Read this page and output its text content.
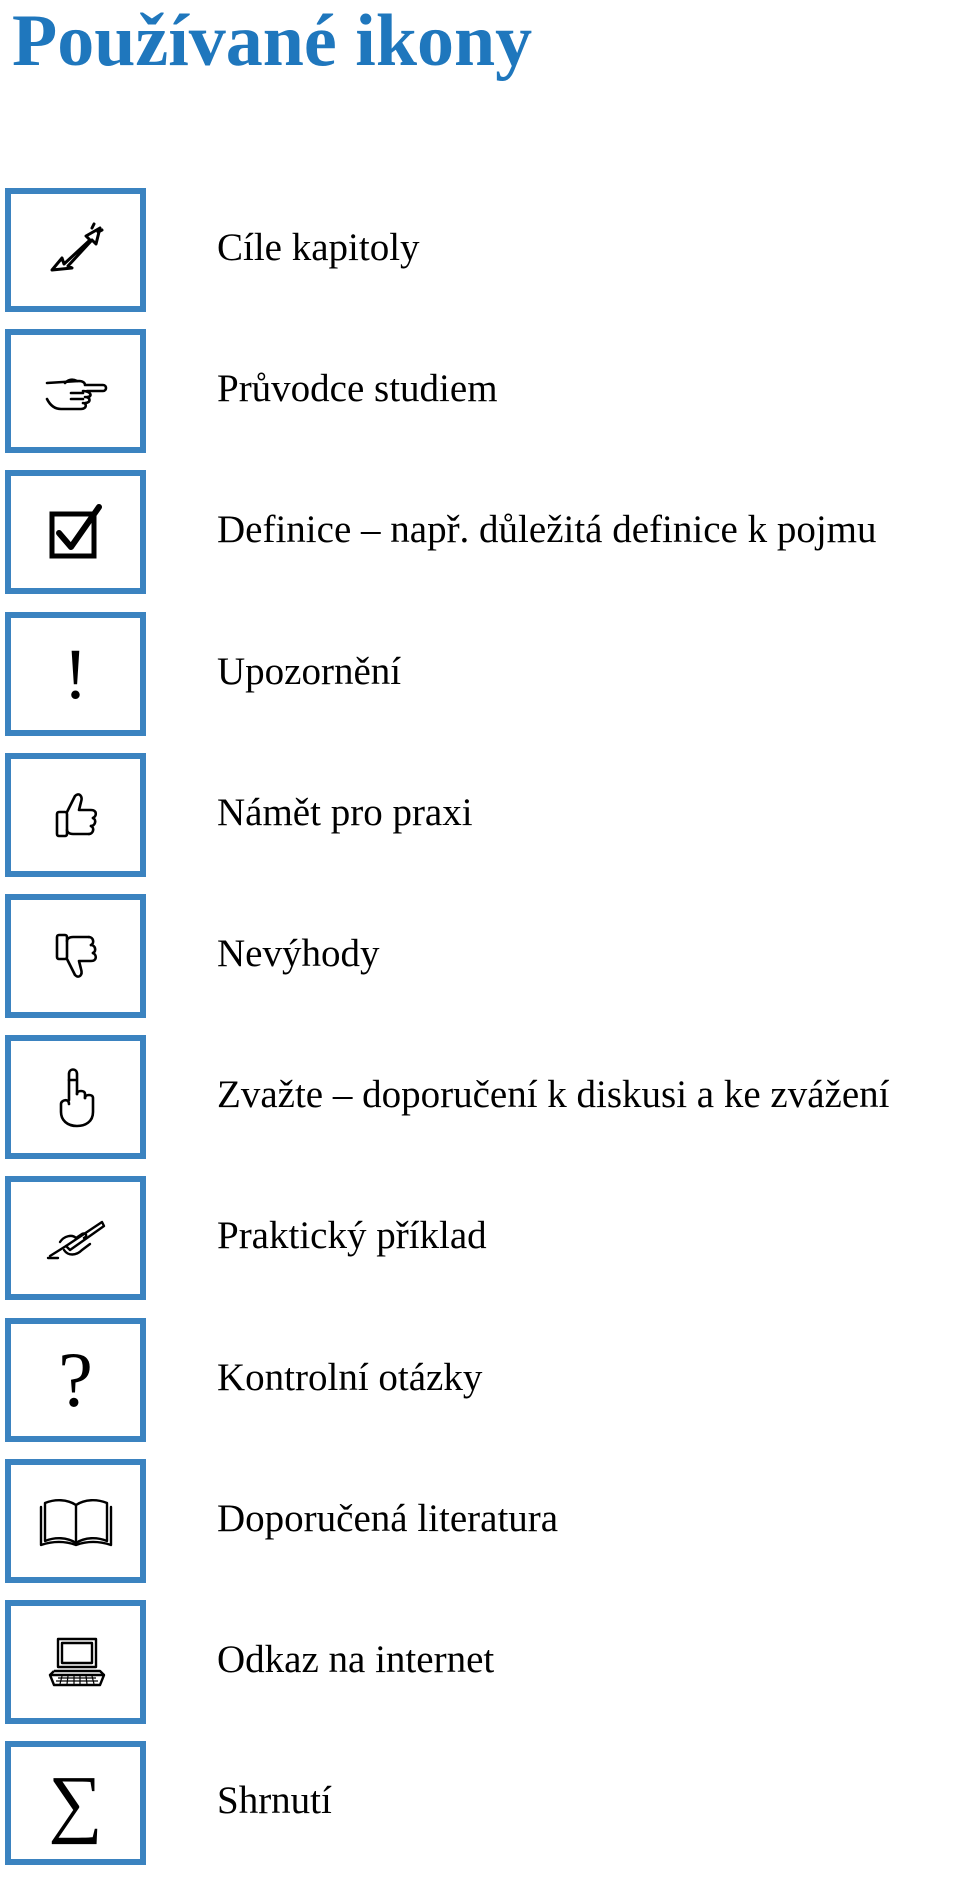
Používané ikony
Cíle kapitoly
Průvodce studiem
Definice – např. důležitá definice k pojmu
!	Upozornění
Námět pro praxi
Nevýhody
Zvažte – doporučení k diskusi a ke zvážení
Praktický příklad
?	Kontrolní otázky
Doporučená literatura
Odkaz na internet
∑	Shrnutí
